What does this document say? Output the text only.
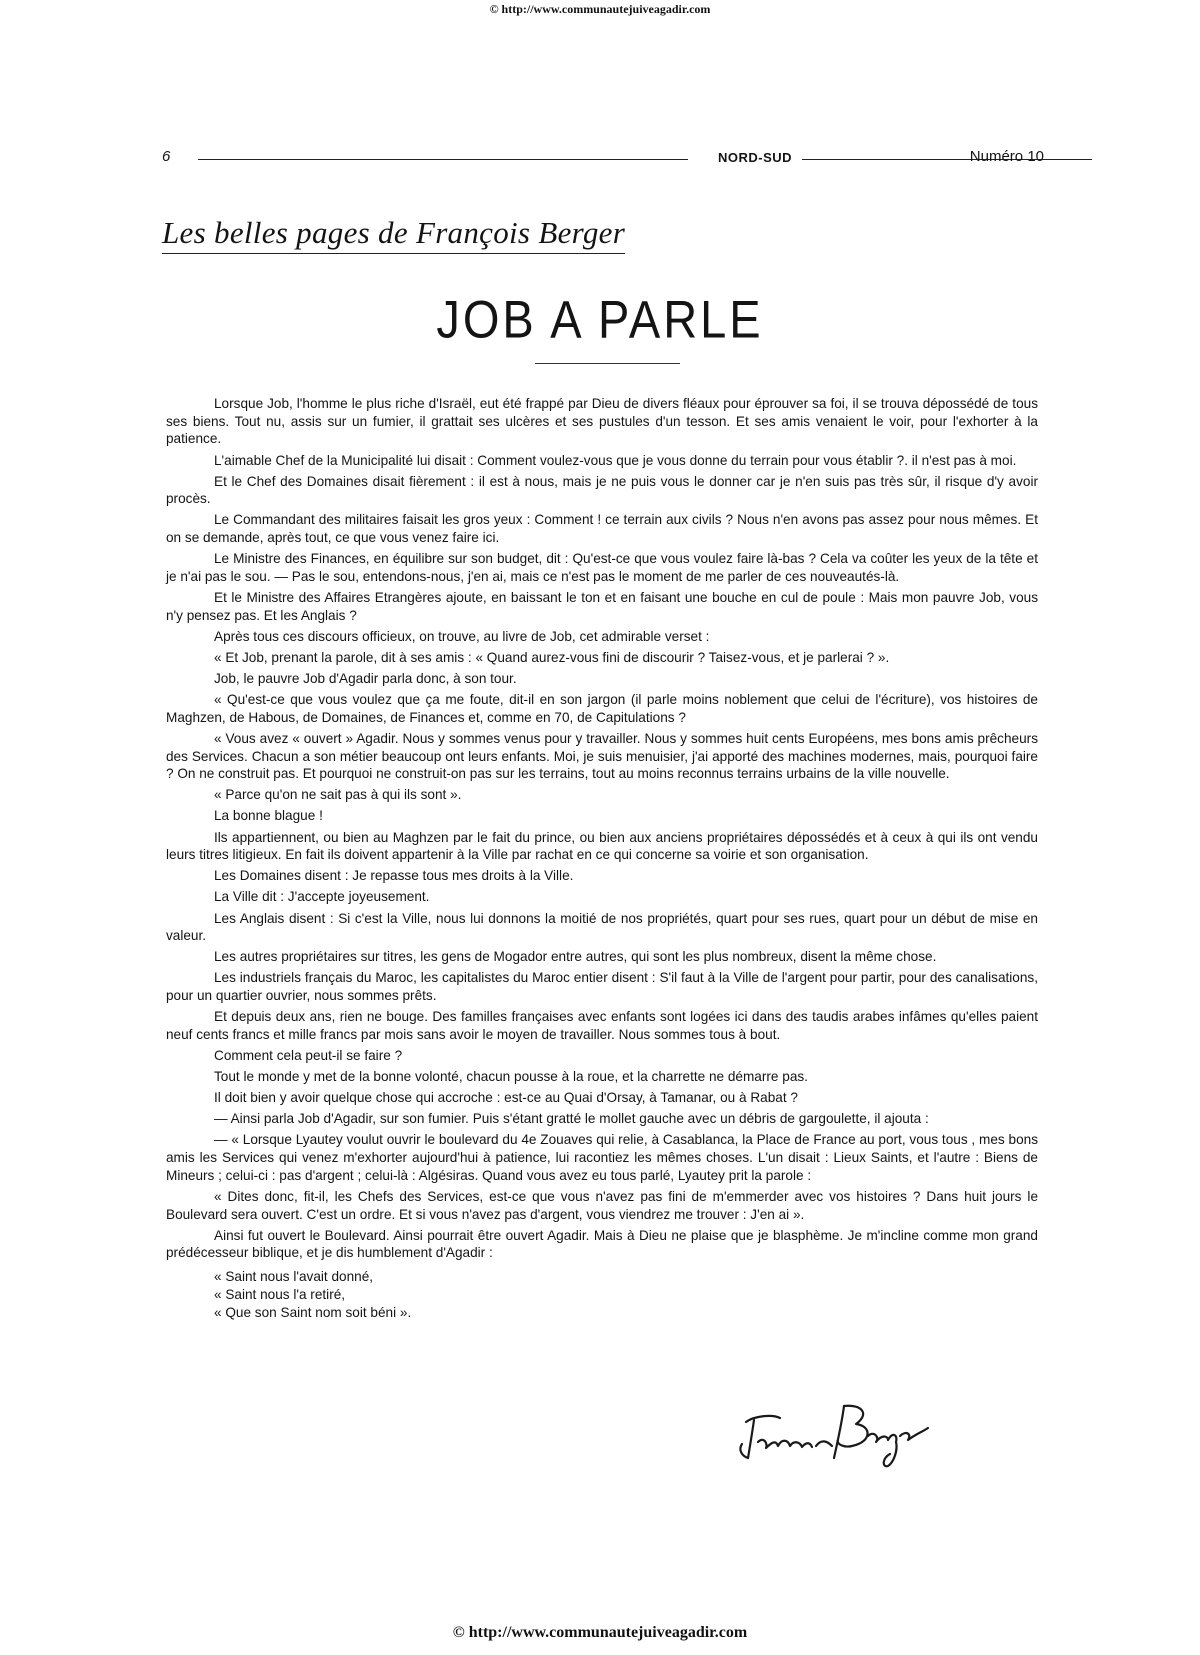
© http://www.communautejuiveagadir.com
6	NORD-SUD	Numéro 10
Les belles pages de François Berger
JOB A PARLE

Lorsque Job, l'homme le plus riche d'Israël, eut été frappé par Dieu de divers fléaux pour éprouver sa foi, il se trouva dépossédé de tous ses biens. Tout nu, assis sur un fumier, il grattait ses ulcères et ses pustules d'un tesson. Et ses amis venaient le voir, pour l'exhorter à la patience.

L'aimable Chef de la Municipalité lui disait : Comment voulez-vous que je vous donne du terrain pour vous établir ?. il n'est pas à moi.

Et le Chef des Domaines disait fièrement : il est à nous, mais je ne puis vous le donner car je n'en suis pas très sûr, il risque d'y avoir procès.

Le Commandant des militaires faisait les gros yeux : Comment ! ce terrain aux civils ? Nous n'en avons pas assez pour nous mêmes. Et on se demande, après tout, ce que vous venez faire ici.

Le Ministre des Finances, en équilibre sur son budget, dit : Qu'est-ce que vous voulez faire là-bas ? Cela va coûter les yeux de la tête et je n'ai pas le sou. — Pas le sou, entendons-nous, j'en ai, mais ce n'est pas le moment de me parler de ces nouveautés-là.

Et le Ministre des Affaires Etrangères ajoute, en baissant le ton et en faisant une bouche en cul de poule : Mais mon pauvre Job, vous n'y pensez pas. Et les Anglais ?

Après tous ces discours officieux, on trouve, au livre de Job, cet admirable verset :

« Et Job, prenant la parole, dit à ses amis : « Quand aurez-vous fini de discourir ? Taisez-vous, et je parlerai ? ».

Job, le pauvre Job d'Agadir parla donc, à son tour.

« Qu'est-ce que vous voulez que ça me foute, dit-il en son jargon (il parle moins noblement que celui de l'écriture), vos histoires de Maghzen, de Habous, de Domaines, de Finances et, comme en 70, de Capitulations ?

« Vous avez « ouvert » Agadir. Nous y sommes venus pour y travailler. Nous y sommes huit cents Européens, mes bons amis prêcheurs des Services. Chacun a son métier beaucoup ont leurs enfants. Moi, je suis menuisier, j'ai apporté des machines modernes, mais, pourquoi faire ? On ne construit pas. Et pourquoi ne construit-on pas sur les terrains, tout au moins reconnus terrains urbains de la ville nouvelle.

« Parce qu'on ne sait pas à qui ils sont ».

La bonne blague !

Ils appartiennent, ou bien au Maghzen par le fait du prince, ou bien aux anciens propriétaires dépossédés et à ceux à qui ils ont vendu leurs titres litigieux. En fait ils doivent appartenir à la Ville par rachat en ce qui concerne sa voirie et son organisation.

Les Domaines disent : Je repasse tous mes droits à la Ville.

La Ville dit : J'accepte joyeusement.

Les Anglais disent : Si c'est la Ville, nous lui donnons la moitié de nos propriétés, quart pour ses rues, quart pour un début de mise en valeur.

Les autres propriétaires sur titres, les gens de Mogador entre autres, qui sont les plus nombreux, disent la même chose.

Les industriels français du Maroc, les capitalistes du Maroc entier disent : S'il faut à la Ville de l'argent pour partir, pour des canalisations, pour un quartier ouvrier, nous sommes prêts.

Et depuis deux ans, rien ne bouge. Des familles françaises avec enfants sont logées ici dans des taudis arabes infâmes qu'elles paient neuf cents francs et mille francs par mois sans avoir le moyen de travailler. Nous sommes tous à bout.

Comment cela peut-il se faire ?

Tout le monde y met de la bonne volonté, chacun pousse à la roue, et la charrette ne démarre pas.

Il doit bien y avoir quelque chose qui accroche : est-ce au Quai d'Orsay, à Tamanar, ou à Rabat ?

— Ainsi parla Job d'Agadir, sur son fumier. Puis s'étant gratté le mollet gauche avec un débris de gargoulette, il ajouta :

— « Lorsque Lyautey voulut ouvrir le boulevard du 4e Zouaves qui relie, à Casablanca, la Place de France au port, vous tous , mes bons amis les Services qui venez m'exhorter aujourd'hui à patience, lui racontiez les mêmes choses. L'un disait : Lieux Saints, et l'autre : Biens de Mineurs ; celui-ci : pas d'argent ; celui-là : Algésiras. Quand vous avez eu tous parlé, Lyautey prit la parole :

« Dites donc, fit-il, les Chefs des Services, est-ce que vous n'avez pas fini de m'emmerder avec vos histoires ? Dans huit jours le Boulevard sera ouvert. C'est un ordre. Et si vous n'avez pas d'argent, vous viendrez me trouver : J'en ai ».

Ainsi fut ouvert le Boulevard. Ainsi pourrait être ouvert Agadir. Mais à Dieu ne plaise que je blasphème. Je m'incline comme mon grand prédécesseur biblique, et je dis humblement d'Agadir :

« Saint nous l'avait donné,
« Saint nous l'a retiré,
« Que son Saint nom soit béni ».
© http://www.communautejuiveagadir.com
